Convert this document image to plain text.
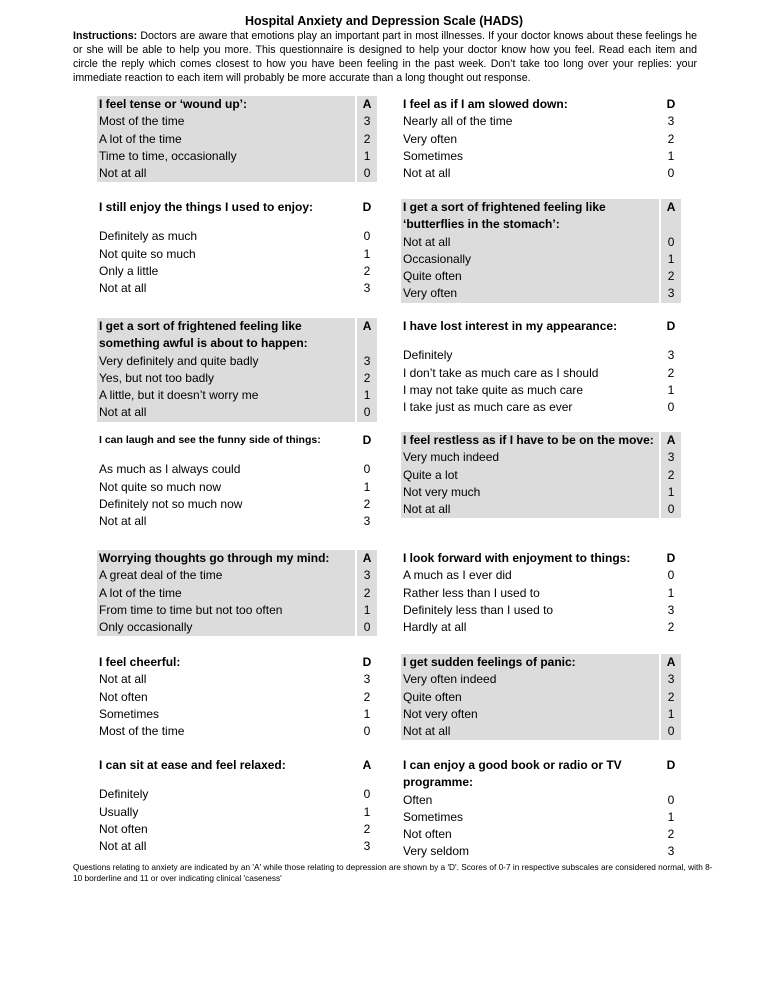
Hospital Anxiety and Depression Scale (HADS)
Instructions: Doctors are aware that emotions play an important part in most illnesses. If your doctor knows about these feelings he or she will be able to help you more. This questionnaire is designed to help your doctor know how you feel. Read each item and circle the reply which comes closest to how you have been feeling in the past week. Don’t take too long over your replies: your immediate reaction to each item will probably be more accurate than a long thought out response.
I feel tense or ‘wound up’:	A
Most of the time	3
A lot of the time	2
Time to time, occasionally	1
Not at all	0
I still enjoy the things I used to enjoy:	D
Definitely as much	0
Not quite so much	1
Only a little	2
Not at all	3
I get a sort of frightened feeling like something awful is about to happen:
A
Very definitely and quite badly	3
Yes, but not too badly	2
A little, but it doesn’t worry me	1
Not at all	0
I can laugh and see the funny side of things:	D
As much as I always could	0
Not quite so much now	1
Definitely not so much now	2
Not at all	3
Worrying thoughts go through my mind:	A
A great deal of the time	3
A lot of the time	2
From time to time but not too often	1
Only occasionally	0
I feel cheerful:	D
Not at all	3
Not often	2
Sometimes	1
Most of the time	0
I can sit at ease and feel relaxed:	A
Definitely	0
Usually	1
Not often	2
Not at all	3
I feel as if I am slowed down:	D
Nearly all of the time	3
Very often	2
Sometimes	1
Not at all	0
I get a sort of frightened feeling like ‘butterflies in the stomach’:
A
Not at all	0
Occasionally	1
Quite often	2
Very often	3
I have lost interest in my appearance:	D
Definitely	3
I don’t take as much care as I should	2
I may not take quite as much care	1
I take just as much care as ever	0
I feel restless as if I have to be on the move:	A
Very much indeed	3
Quite a lot	2
Not very much	1
Not at all	0
I look forward with enjoyment to things:	D
A much as I ever did	0
Rather less than I used to	1
Definitely less than I used to	3
Hardly at all	2
I get sudden feelings of panic:	A
Very often indeed	3
Quite often	2
Not very often	1
Not at all	0
I can enjoy a good book or radio or TV programme:
D
Often	0
Sometimes	1
Not often	2
Very seldom	3
Questions relating to anxiety are indicated by an 'A' while those relating to depression are shown by a 'D'. Scores of 0-7 in respective subscales are considered normal, with 8-10 borderline and 11 or over indicating clinical 'caseness'
